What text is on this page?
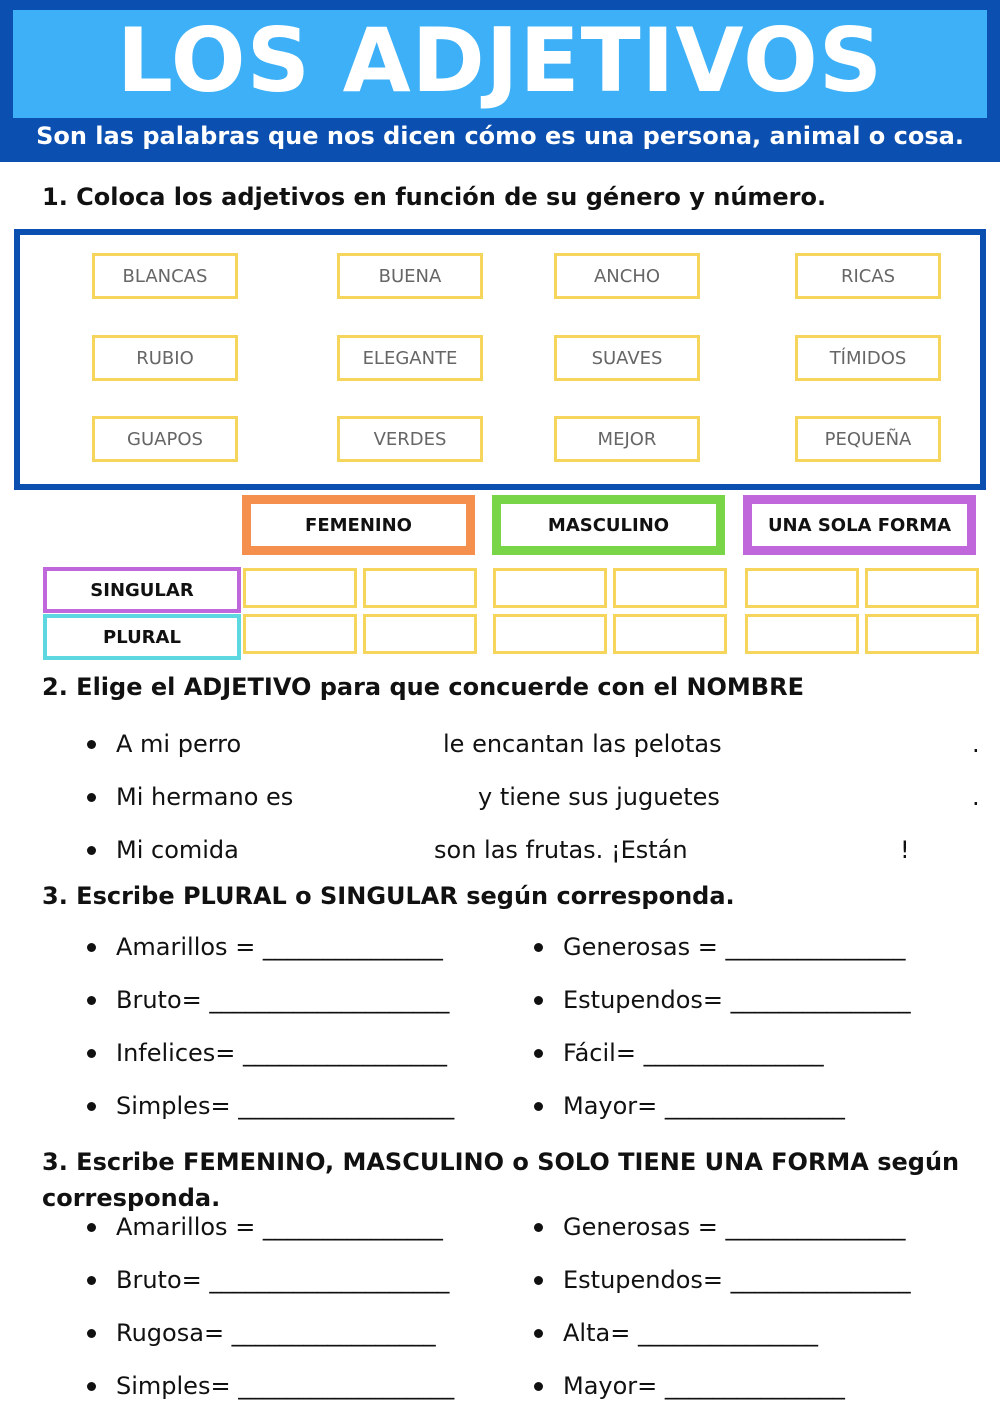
LOS ADJETIVOS
Son las palabras que nos dicen cómo es una persona, animal o cosa.
1. Coloca los adjetivos en función de su género y número.
BLANCAS	BUENA	ANCHO	RICAS
RUBIO	ELEGANTE	SUAVES	TÍMIDOS
GUAPOS	VERDES	MEJOR	PEQUEÑA
FEMENINO	MASCULINO	UNA SOLA FORMA
SINGULAR
PLURAL
2. Elige el ADJETIVO para que concuerde con el NOMBRE
A mi perro	le encantan las pelotas	.
Mi hermano es	y tiene sus juguetes	.
Mi comida	son las frutas. ¡Están	!
3. Escribe PLURAL o SINGULAR según corresponda.
Amarillos = _______________
Bruto= ____________________
Infelices= _________________
Simples= __________________
Generosas = _______________
Estupendos= _______________
Fácil= _______________
Mayor= _______________
3. Escribe FEMENINO, MASCULINO o SOLO TIENE UNA FORMA según
corresponda.
Amarillos = _______________
Bruto= ____________________
Rugosa= _________________
Simples= __________________
Generosas = _______________
Estupendos= _______________
Alta= _______________
Mayor= _______________
